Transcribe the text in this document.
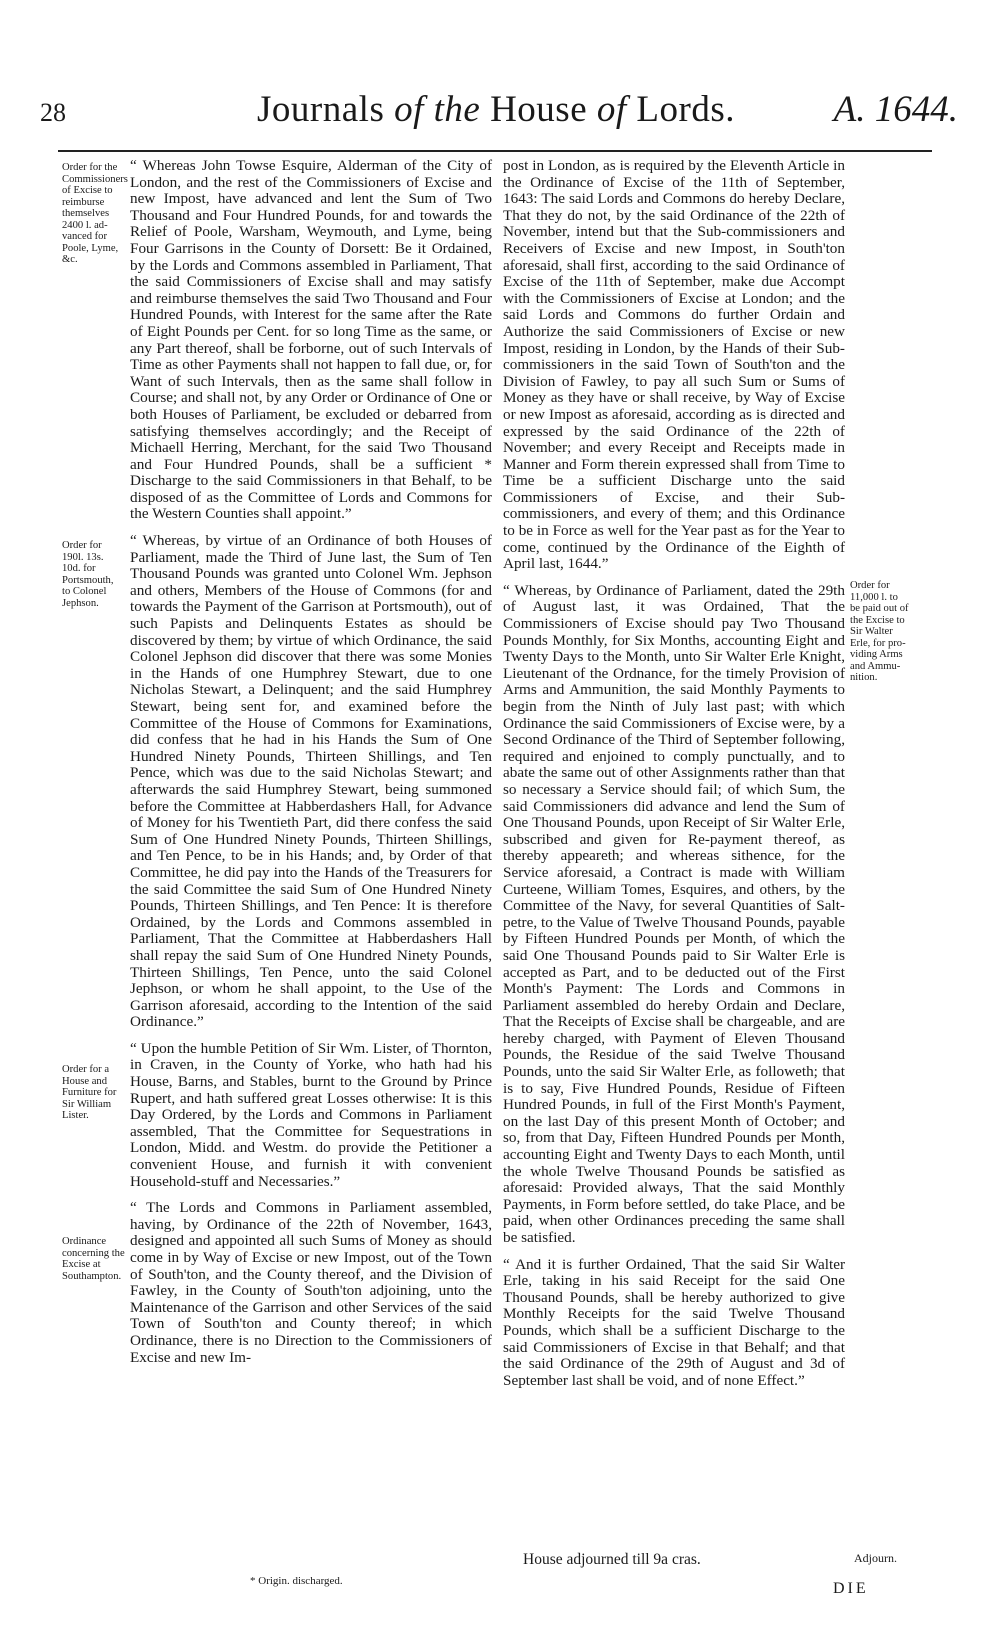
28	Journals of the House of Lords.	A. 1644.
Order for the
Commissioners
of Excise to
reimburse
themselves
2400 l. ad-
vanced for
Poole, Lyme,
&c.
Order for
190l. 13s.
10d. for
Portsmouth,
to Colonel
Jephson.
Order for a
House and
Furniture for
Sir William
Lister.
Ordinance
concerning the
Excise at
Southampton.
Order for
11,000 l. to
be paid out of
the Excise to
Sir Walter
Erle, for pro-
viding Arms
and Ammu-
nition.

“ Whereas John Towse Esquire, Alderman of the City of London, and the rest of the Commissioners of Excise and new Impost, have advanced and lent the Sum of Two Thousand and Four Hundred Pounds, for and towards the Relief of Poole, Warsham, Weymouth, and Lyme, being Four Garrisons in the County of Dorsett: Be it Ordained, by the Lords and Commons assembled in Parliament, That the said Commissioners of Excise shall and may satisfy and reimburse themselves the said Two Thousand and Four Hundred Pounds, with Interest for the same after the Rate of Eight Pounds per Cent. for so long Time as the same, or any Part thereof, shall be forborne, out of such Intervals of Time as other Payments shall not happen to fall due, or, for Want of such Intervals, then as the same shall follow in Course; and shall not, by any Order or Ordinance of One or both Houses of Parliament, be excluded or debarred from satisfying themselves accordingly; and the Receipt of Michaell Herring, Merchant, for the said Two Thousand and Four Hundred Pounds, shall be a sufficient * Discharge to the said Commissioners in that Behalf, to be disposed of as the Committee of Lords and Commons for the Western Counties shall appoint.”

“ Whereas, by virtue of an Ordinance of both Houses of Parliament, made the Third of June last, the Sum of Ten Thousand Pounds was granted unto Colonel Wm. Jephson and others, Members of the House of Commons (for and towards the Payment of the Garrison at Portsmouth), out of such Papists and Delinquents Estates as should be discovered by them; by virtue of which Ordinance, the said Colonel Jephson did discover that there was some Monies in the Hands of one Humphrey Stewart, due to one Nicholas Stewart, a Delinquent; and the said Humphrey Stewart, being sent for, and examined before the Committee of the House of Commons for Examinations, did confess that he had in his Hands the Sum of One Hundred Ninety Pounds, Thirteen Shillings, and Ten Pence, which was due to the said Nicholas Stewart; and afterwards the said Humphrey Stewart, being summoned before the Committee at Habberdashers Hall, for Advance of Money for his Twentieth Part, did there confess the said Sum of One Hundred Ninety Pounds, Thirteen Shillings, and Ten Pence, to be in his Hands; and, by Order of that Committee, he did pay into the Hands of the Treasurers for the said Committee the said Sum of One Hundred Ninety Pounds, Thirteen Shillings, and Ten Pence: It is therefore Ordained, by the Lords and Commons assembled in Parliament, That the Committee at Habberdashers Hall shall repay the said Sum of One Hundred Ninety Pounds, Thirteen Shillings, Ten Pence, unto the said Colonel Jephson, or whom he shall appoint, to the Use of the Garrison aforesaid, according to the Intention of the said Ordinance.”

“ Upon the humble Petition of Sir Wm. Lister, of Thornton, in Craven, in the County of Yorke, who hath had his House, Barns, and Stables, burnt to the Ground by Prince Rupert, and hath suffered great Losses otherwise: It is this Day Ordered, by the Lords and Commons in Parliament assembled, That the Committee for Sequestrations in London, Midd. and Westm. do provide the Petitioner a convenient House, and furnish it with convenient Household-stuff and Necessaries.”

“ The Lords and Commons in Parliament assembled, having, by Ordinance of the 22th of November, 1643, designed and appointed all such Sums of Money as should come in by Way of Excise or new Impost, out of the Town of South'ton, and the County thereof, and the Division of Fawley, in the County of South'ton adjoining, unto the Maintenance of the Garrison and other Services of the said Town of South'ton and County thereof; in which Ordinance, there is no Direction to the Commissioners of Excise and new Im-

post in London, as is required by the Eleventh Article in the Ordinance of Excise of the 11th of September, 1643: The said Lords and Commons do hereby Declare, That they do not, by the said Ordinance of the 22th of November, intend but that the Sub-commissioners and Receivers of Excise and new Impost, in South'ton aforesaid, shall first, according to the said Ordinance of Excise of the 11th of September, make due Accompt with the Commissioners of Excise at London; and the said Lords and Commons do further Ordain and Authorize the said Commissioners of Excise or new Impost, residing in London, by the Hands of their Sub-commissioners in the said Town of South'ton and the Division of Fawley, to pay all such Sum or Sums of Money as they have or shall receive, by Way of Excise or new Impost as aforesaid, according as is directed and expressed by the said Ordinance of the 22th of November; and every Receipt and Receipts made in Manner and Form therein expressed shall from Time to Time be a sufficient Discharge unto the said Commissioners of Excise, and their Sub-commissioners, and every of them; and this Ordinance to be in Force as well for the Year past as for the Year to come, continued by the Ordinance of the Eighth of April last, 1644.”

“ Whereas, by Ordinance of Parliament, dated the 29th of August last, it was Ordained, That the Commissioners of Excise should pay Two Thousand Pounds Monthly, for Six Months, accounting Eight and Twenty Days to the Month, unto Sir Walter Erle Knight, Lieutenant of the Ordnance, for the timely Provision of Arms and Ammunition, the said Monthly Payments to begin from the Ninth of July last past; with which Ordinance the said Commissioners of Excise were, by a Second Ordinance of the Third of September following, required and enjoined to comply punctually, and to abate the same out of other Assignments rather than that so necessary a Service should fail; of which Sum, the said Commissioners did advance and lend the Sum of One Thousand Pounds, upon Receipt of Sir Walter Erle, subscribed and given for Re-payment thereof, as thereby appeareth; and whereas sithence, for the Service aforesaid, a Contract is made with William Curteene, William Tomes, Esquires, and others, by the Committee of the Navy, for several Quantities of Salt-petre, to the Value of Twelve Thousand Pounds, payable by Fifteen Hundred Pounds per Month, of which the said One Thousand Pounds paid to Sir Walter Erle is accepted as Part, and to be deducted out of the First Month's Payment: The Lords and Commons in Parliament assembled do hereby Ordain and Declare, That the Receipts of Excise shall be chargeable, and are hereby charged, with Payment of Eleven Thousand Pounds, the Residue of the said Twelve Thousand Pounds, unto the said Sir Walter Erle, as followeth; that is to say, Five Hundred Pounds, Residue of Fifteen Hundred Pounds, in full of the First Month's Payment, on the last Day of this present Month of October; and so, from that Day, Fifteen Hundred Pounds per Month, accounting Eight and Twenty Days to each Month, until the whole Twelve Thousand Pounds be satisfied as aforesaid: Provided always, That the said Monthly Payments, in Form before settled, do take Place, and be paid, when other Ordinances preceding the same shall be satisfied.

“ And it is further Ordained, That the said Sir Walter Erle, taking in his said Receipt for the said One Thousand Pounds, shall be hereby authorized to give Monthly Receipts for the said Twelve Thousand Pounds, which shall be a sufficient Discharge to the said Commissioners of Excise in that Behalf; and that the said Ordinance of the 29th of August and 3d of September last shall be void, and of none Effect.”

House adjourned till 9a cras.	Adjourn.
* Origin. discharged.	DIE
